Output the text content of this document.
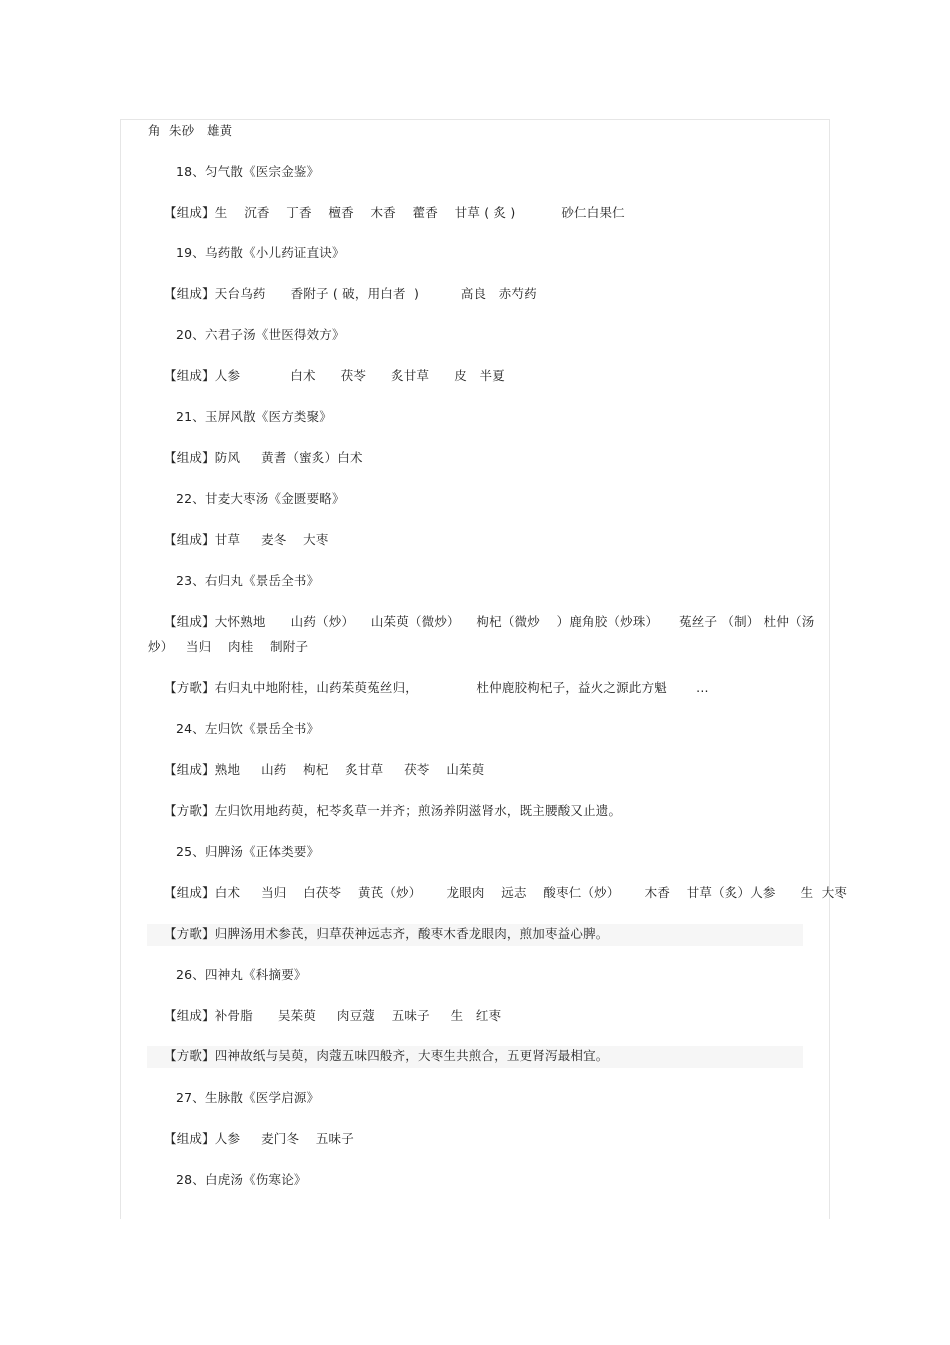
角  朱砂   雄黄
18、匀气散《医宗金鉴》
【组成】生    沉香    丁香    檀香    木香    藿香    甘草 ( 炙 )           砂仁白果仁
19、乌药散《小儿药证直诀》
【组成】天台乌药      香附子 ( 破，用白者  )          高良   赤芍药
20、六君子汤《世医得效方》
【组成】人参            白术      茯苓      炙甘草      皮   半夏
21、玉屏风散《医方类聚》
【组成】防风     黄耆（蜜炙）白术
22、甘麦大枣汤《金匮要略》
【组成】甘草     麦冬    大枣
23、右归丸《景岳全书》
【组成】大怀熟地      山药（炒）    山茱萸（微炒）    枸杞（微炒    ）鹿角胶（炒珠）     菟丝子 （制） 杜仲（汤
炒）   当归    肉桂    制附子
【方歌】右归丸中地附桂，山药茱萸菟丝归，              杜仲鹿胶枸杞子，益火之源此方魁       ...
24、左归饮《景岳全书》
【组成】熟地     山药    枸杞    炙甘草     茯苓    山茱萸
【方歌】左归饮用地药萸，杞苓炙草一并齐；煎汤养阴滋肾水，既主腰酸又止遗。
25、归脾汤《正体类要》
【组成】白术     当归    白茯苓    黄芪（炒）      龙眼肉    远志    酸枣仁（炒）      木香    甘草（炙）人参      生  大枣
【方歌】归脾汤用术参芪，归草茯神远志齐，酸枣木香龙眼肉，煎加枣益心脾。
26、四神丸《科摘要》
【组成】补骨脂      吴茱萸     肉豆蔻    五味子     生   红枣
【方歌】四神故纸与吴萸，肉蔻五味四般齐，大枣生共煎合，五更肾泻最相宜。
27、生脉散《医学启源》
【组成】人参     麦门冬    五味子
28、白虎汤《伤寒论》
